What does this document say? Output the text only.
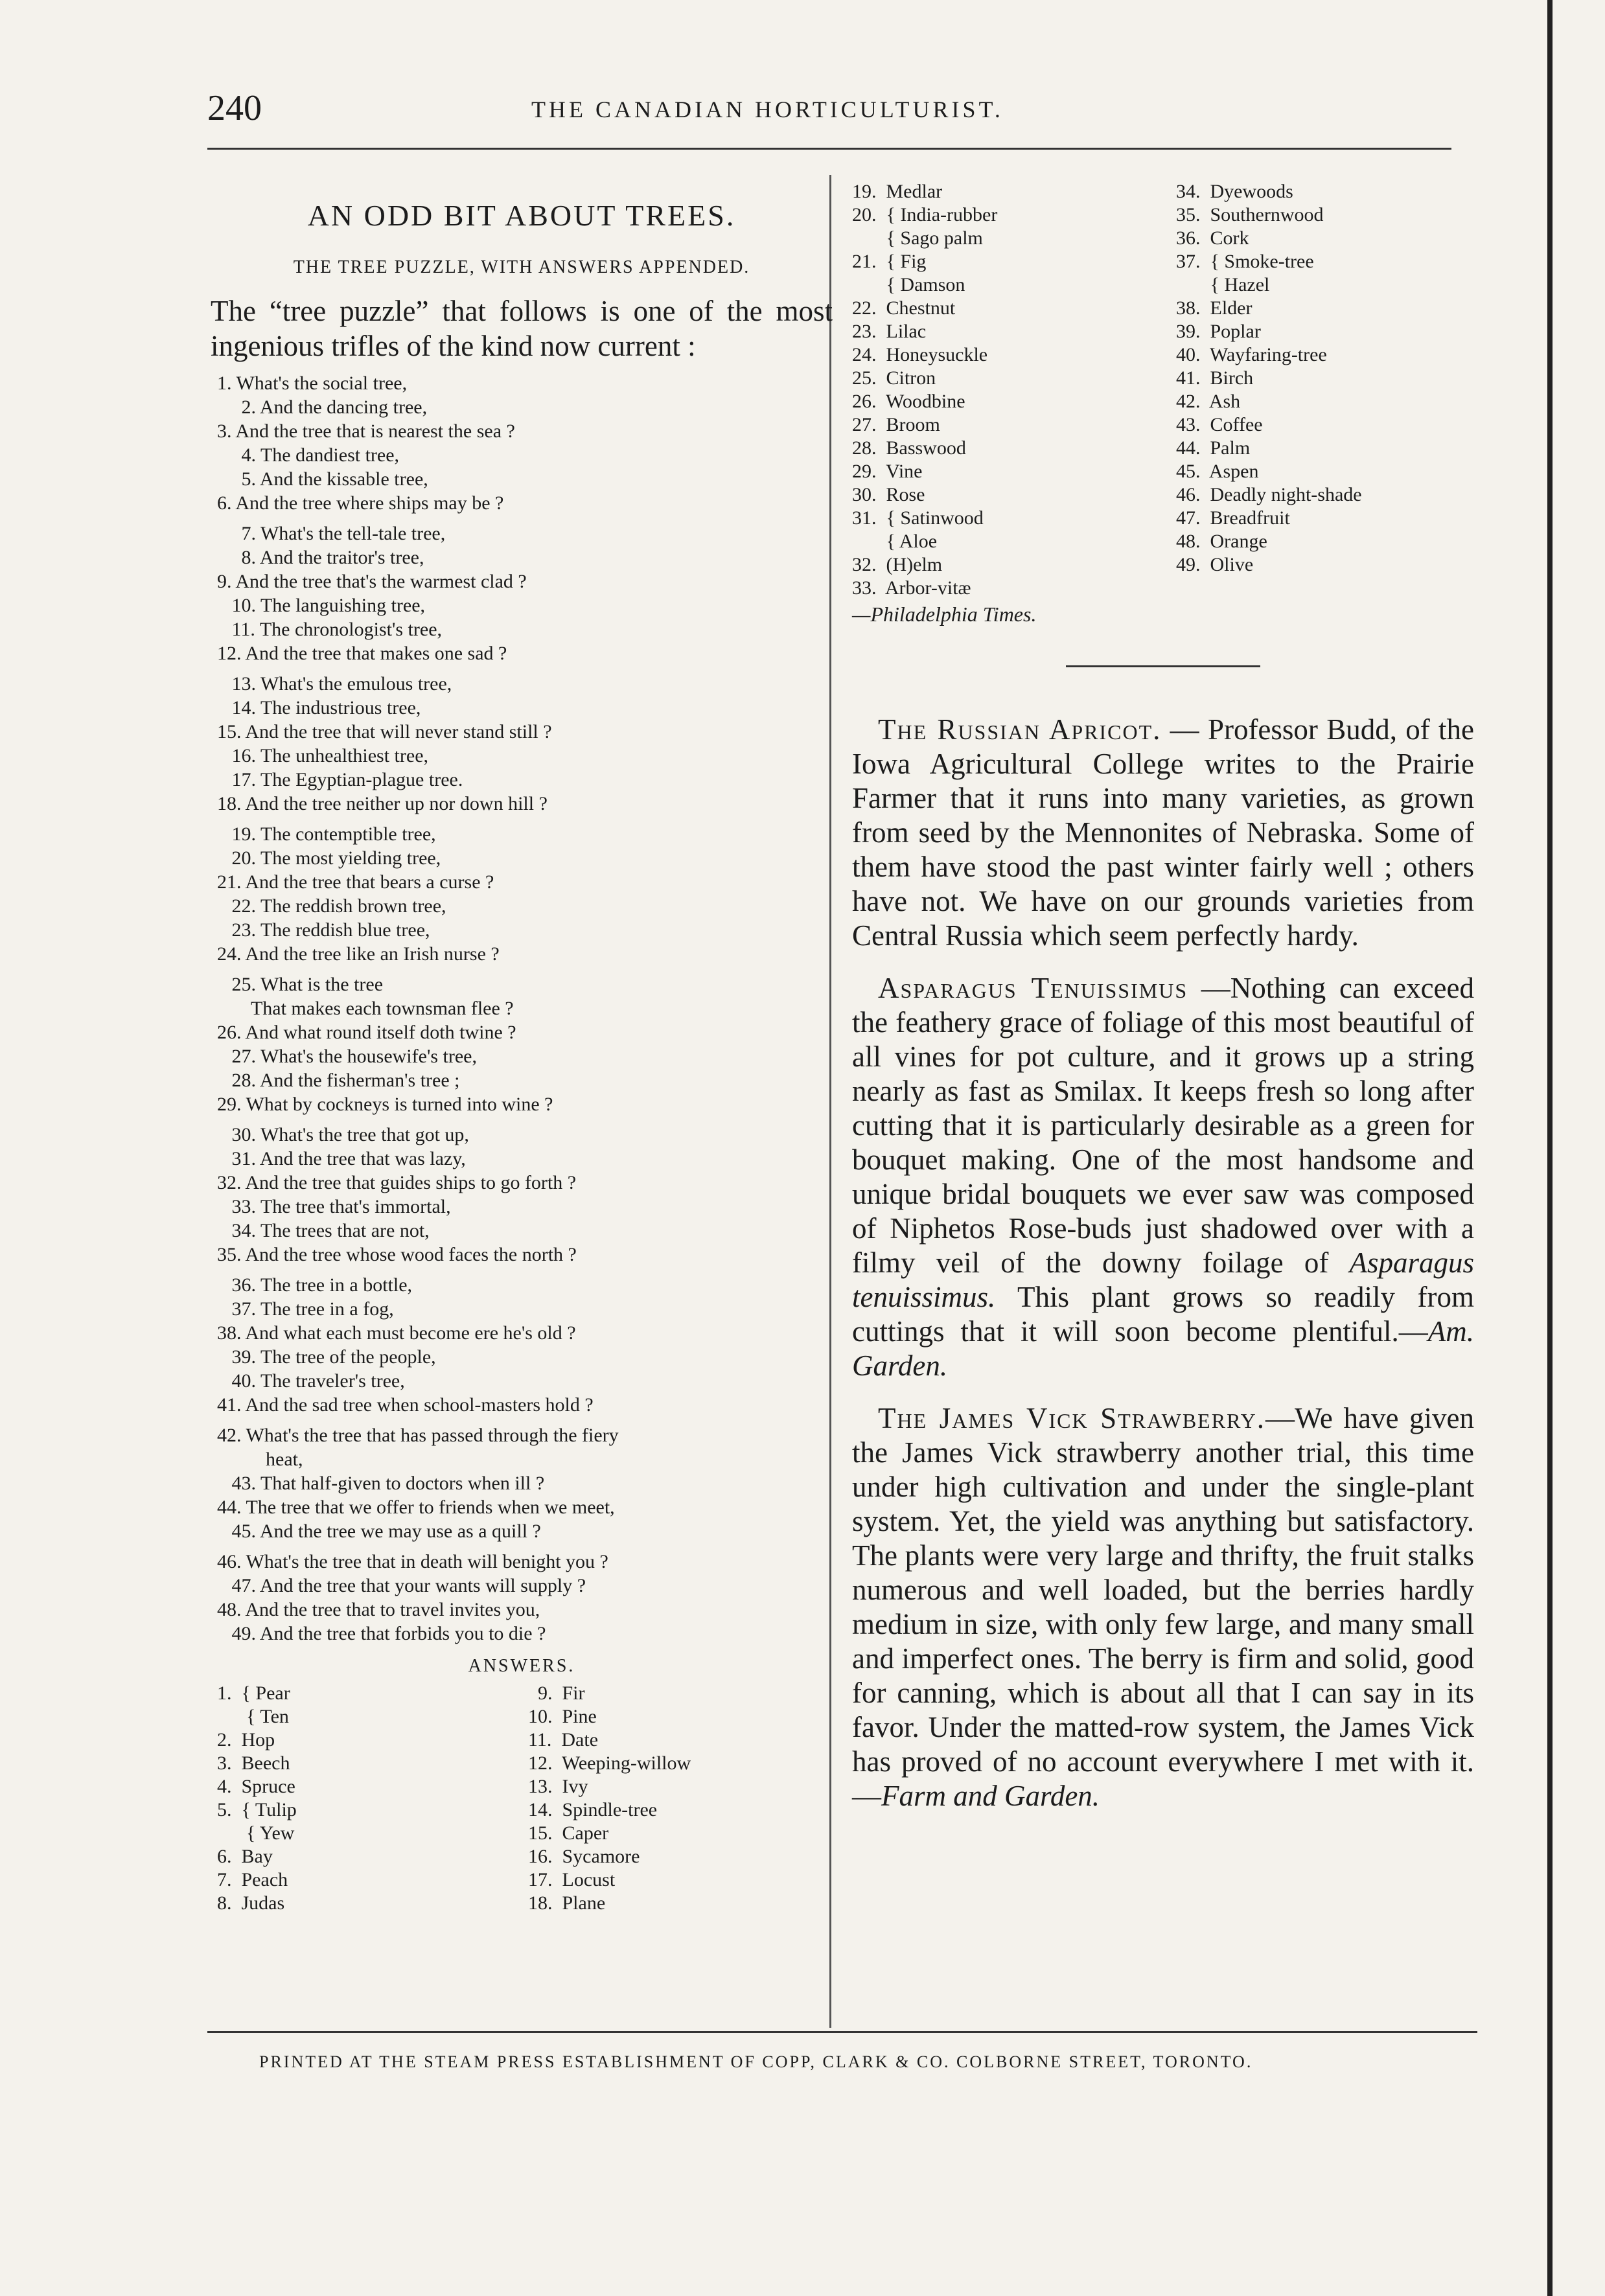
240	THE CANADIAN HORTICULTURIST.
AN ODD BIT ABOUT TREES.
THE TREE PUZZLE, WITH ANSWERS APPENDED.

The “tree puzzle” that follows is one of the most ingenious trifles of the kind now current :

1. What's the social tree,
2. And the dancing tree,
3. And the tree that is nearest the sea ?
4. The dandiest tree,
5. And the kissable tree,
6. And the tree where ships may be ?
7. What's the tell-tale tree,
8. And the traitor's tree,
9. And the tree that's the warmest clad ?
10. The languishing tree,
11. The chronologist's tree,
12. And the tree that makes one sad ?
13. What's the emulous tree,
14. The industrious tree,
15. And the tree that will never stand still ?
16. The unhealthiest tree,
17. The Egyptian-plague tree.
18. And the tree neither up nor down hill ?
19. The contemptible tree,
20. The most yielding tree,
21. And the tree that bears a curse ?
22. The reddish brown tree,
23. The reddish blue tree,
24. And the tree like an Irish nurse ?
25. What is the tree
That makes each townsman flee ?
26. And what round itself doth twine ?
27. What's the housewife's tree,
28. And the fisherman's tree ;
29. What by cockneys is turned into wine ?
30. What's the tree that got up,
31. And the tree that was lazy,
32. And the tree that guides ships to go forth ?
33. The tree that's immortal,
34. The trees that are not,
35. And the tree whose wood faces the north ?
36. The tree in a bottle,
37. The tree in a fog,
38. And what each must become ere he's old ?
39. The tree of the people,
40. The traveler's tree,
41. And the sad tree when school-masters hold ?
42. What's the tree that has passed through the fiery
heat,
43. That half-given to doctors when ill ?
44. The tree that we offer to friends when we meet,
45. And the tree we may use as a quill ?
46. What's the tree that in death will benight you ?
47. And the tree that your wants will supply ?
48. And the tree that to travel invites you,
49. And the tree that forbids you to die ?
ANSWERS.
1.  { Pear
{ Ten
2.  Hop
3.  Beech
4.  Spruce
5.  { Tulip
{ Yew
6.  Bay
7.  Peach
8.  Judas
9.  Fir
10.  Pine
11.  Date
12.  Weeping-willow
13.  Ivy
14.  Spindle-tree
15.  Caper
16.  Sycamore
17.  Locust
18.  Plane
19.  Medlar
20.  { India-rubber
{ Sago palm
21.  { Fig
{ Damson
22.  Chestnut
23.  Lilac
24.  Honeysuckle
25.  Citron
26.  Woodbine
27.  Broom
28.  Basswood
29.  Vine
30.  Rose
31.  { Satinwood
{ Aloe
32.  (H)elm
33.  Arbor-vitæ
34.  Dyewoods
35.  Southernwood
36.  Cork
37.  { Smoke-tree
{ Hazel
38.  Elder
39.  Poplar
40.  Wayfaring-tree
41.  Birch
42.  Ash
43.  Coffee
44.  Palm
45.  Aspen
46.  Deadly night-shade
47.  Breadfruit
48.  Orange
49.  Olive
—Philadelphia Times.

The Russian Apricot. — Professor Budd, of the Iowa Agricultural College writes to the Prairie Farmer that it runs into many varieties, as grown from seed by the Mennonites of Nebraska. Some of them have stood the past winter fairly well ; others have not. We have on our grounds varieties from Central Russia which seem perfectly hardy.

Asparagus Tenuissimus —Nothing can exceed the feathery grace of foliage of this most beautiful of all vines for pot culture, and it grows up a string nearly as fast as Smilax. It keeps fresh so long after cutting that it is particularly desirable as a green for bouquet making. One of the most handsome and unique bridal bouquets we ever saw was composed of Niphetos Rose-buds just shadowed over with a filmy veil of the downy foilage of Asparagus tenuissimus. This plant grows so readily from cuttings that it will soon become plentiful.—Am. Garden.

The James Vick Strawberry.—We have given the James Vick strawberry another trial, this time under high cultivation and under the single-plant system. Yet, the yield was anything but satisfactory. The plants were very large and thrifty, the fruit stalks numerous and well loaded, but the berries hardly medium in size, with only few large, and many small and imperfect ones. The berry is firm and solid, good for canning, which is about all that I can say in its favor. Under the matted-row system, the James Vick has proved of no account everywhere I met with it.—Farm and Garden.

PRINTED AT THE STEAM PRESS ESTABLISHMENT OF COPP, CLARK & CO. COLBORNE STREET, TORONTO.
